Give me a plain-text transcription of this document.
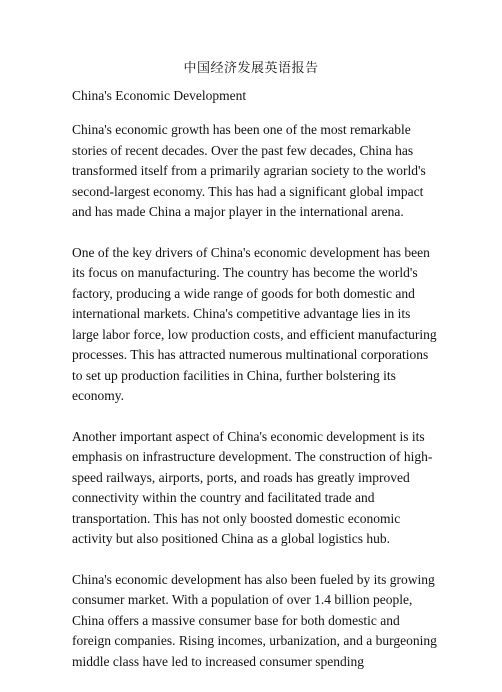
中国经济发展英语报告
China's Economic Development

China's economic growth has been one of the most remarkable stories of recent decades. Over the past few decades, China has transformed itself from a primarily agrarian society to the world's second-largest economy. This has had a significant global impact and has made China a major player in the international arena.

One of the key drivers of China's economic development has been its focus on manufacturing. The country has become the world's factory, producing a wide range of goods for both domestic and international markets. China's competitive advantage lies in its large labor force, low production costs, and efficient manufacturing processes. This has attracted numerous multinational corporations to set up production facilities in China, further bolstering its economy.

Another important aspect of China's economic development is its emphasis on infrastructure development. The construction of high-speed railways, airports, ports, and roads has greatly improved connectivity within the country and facilitated trade and transportation. This has not only boosted domestic economic activity but also positioned China as a global logistics hub.

China's economic development has also been fueled by its growing consumer market. With a population of over 1.4 billion people, China offers a massive consumer base for both domestic and foreign companies. Rising incomes, urbanization, and a burgeoning middle class have led to increased consumer spending
